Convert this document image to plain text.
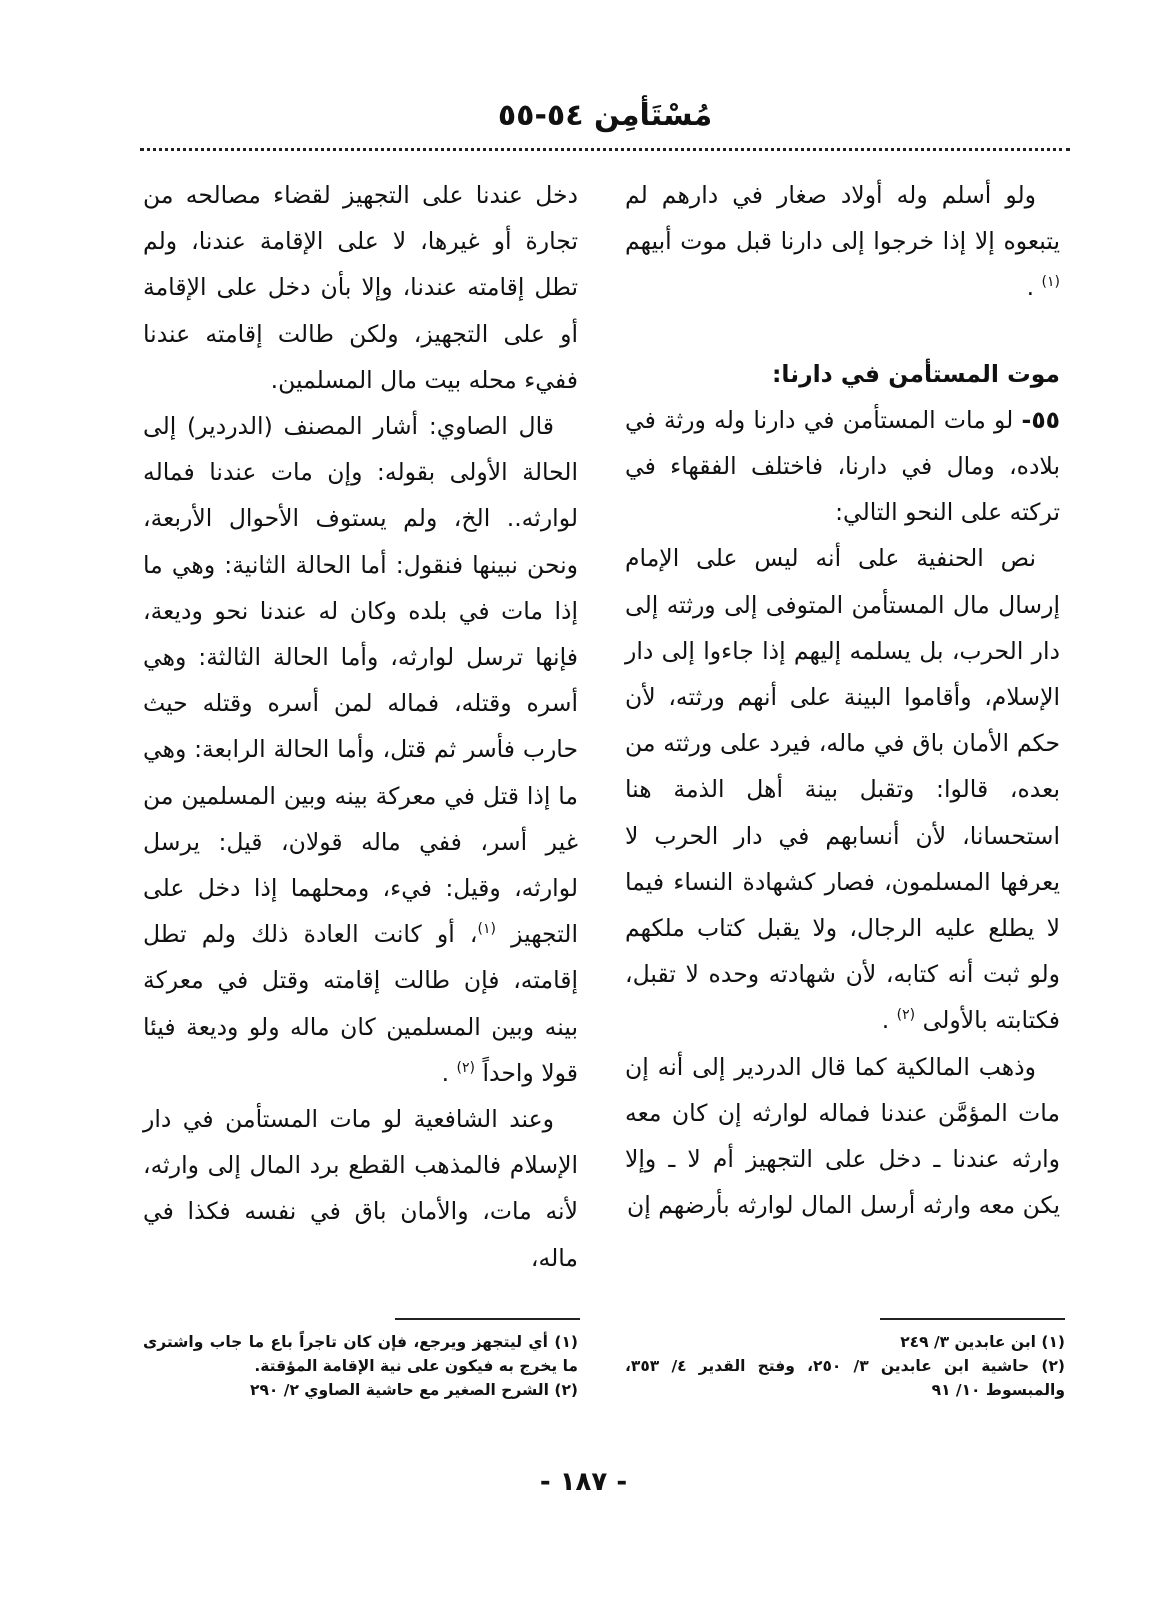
مُسْتَأمِن ٥٤-٥٥

ولو أسلم وله أولاد صغار في دارهم لم يتبعوه إلا إذا خرجوا إلى دارنا قبل موت أبيهم $^{(١)}$ .

موت المستأمن في دارنا:

٥٥- لو مات المستأمن في دارنا وله ورثة في بلاده، ومال في دارنا، فاختلف الفقهاء في تركته على النحو التالي:

نص الحنفية على أنه ليس على الإمام إرسال مال المستأمن المتوفى إلى ورثته إلى دار الحرب، بل يسلمه إليهم إذا جاءوا إلى دار الإسلام، وأقاموا البينة على أنهم ورثته، لأن حكم الأمان باق في ماله، فيرد على ورثته من بعده، قالوا: وتقبل بينة أهل الذمة هنا استحسانا، لأن أنسابهم في دار الحرب لا يعرفها المسلمون، فصار كشهادة النساء فيما لا يطلع عليه الرجال، ولا يقبل كتاب ملكهم ولو ثبت أنه كتابه، لأن شهادته وحده لا تقبل، فكتابته بالأولى $^{(٢)}$ .

وذهب المالكية كما قال الدردير إلى أنه إن مات المؤمَّن عندنا فماله لوارثه إن كان معه وارثه عندنا ـ دخل على التجهيز أم لا ـ وإلا يكن معه وارثه أرسل المال لوارثه بأرضهم إن

دخل عندنا على التجهيز لقضاء مصالحه من تجارة أو غيرها، لا على الإقامة عندنا، ولم تطل إقامته عندنا، وإلا بأن دخل على الإقامة أو على التجهيز، ولكن طالت إقامته عندنا ففيء محله بيت مال المسلمين.

قال الصاوي: أشار المصنف (الدردير) إلى الحالة الأولى بقوله: وإن مات عندنا فماله لوارثه.. الخ، ولم يستوف الأحوال الأربعة، ونحن نبينها فنقول: أما الحالة الثانية: وهي ما إذا مات في بلده وكان له عندنا نحو وديعة، فإنها ترسل لوارثه، وأما الحالة الثالثة: وهي أسره وقتله، فماله لمن أسره وقتله حيث حارب فأسر ثم قتل، وأما الحالة الرابعة: وهي ما إذا قتل في معركة بينه وبين المسلمين من غير أسر، ففي ماله قولان، قيل: يرسل لوارثه، وقيل: فيء، ومحلهما إذا دخل على التجهيز $^{(١)}$، أو كانت العادة ذلك ولم تطل إقامته، فإن طالت إقامته وقتل في معركة بينه وبين المسلمين كان ماله ولو وديعة فيئا قولا واحداً $^{(٢)}$ .

وعند الشافعية لو مات المستأمن في دار الإسلام فالمذهب القطع برد المال إلى وارثه، لأنه مات، والأمان باق في نفسه فكذا في ماله،

(١) ابن عابدين ٣/ ٢٤٩

(٢) حاشية ابن عابدين ٣/ ٢٥٠، وفتح القدير ٤/ ٣٥٣، والمبسوط ١٠/ ٩١

(١) أي ليتجهز ويرجع، فإن كان تاجراً باع ما جاب واشترى ما يخرج به فيكون على نية الإقامة المؤقتة.

(٢) الشرح الصغير مع حاشية الصاوي ٢/ ٢٩٠

- ١٨٧ -
